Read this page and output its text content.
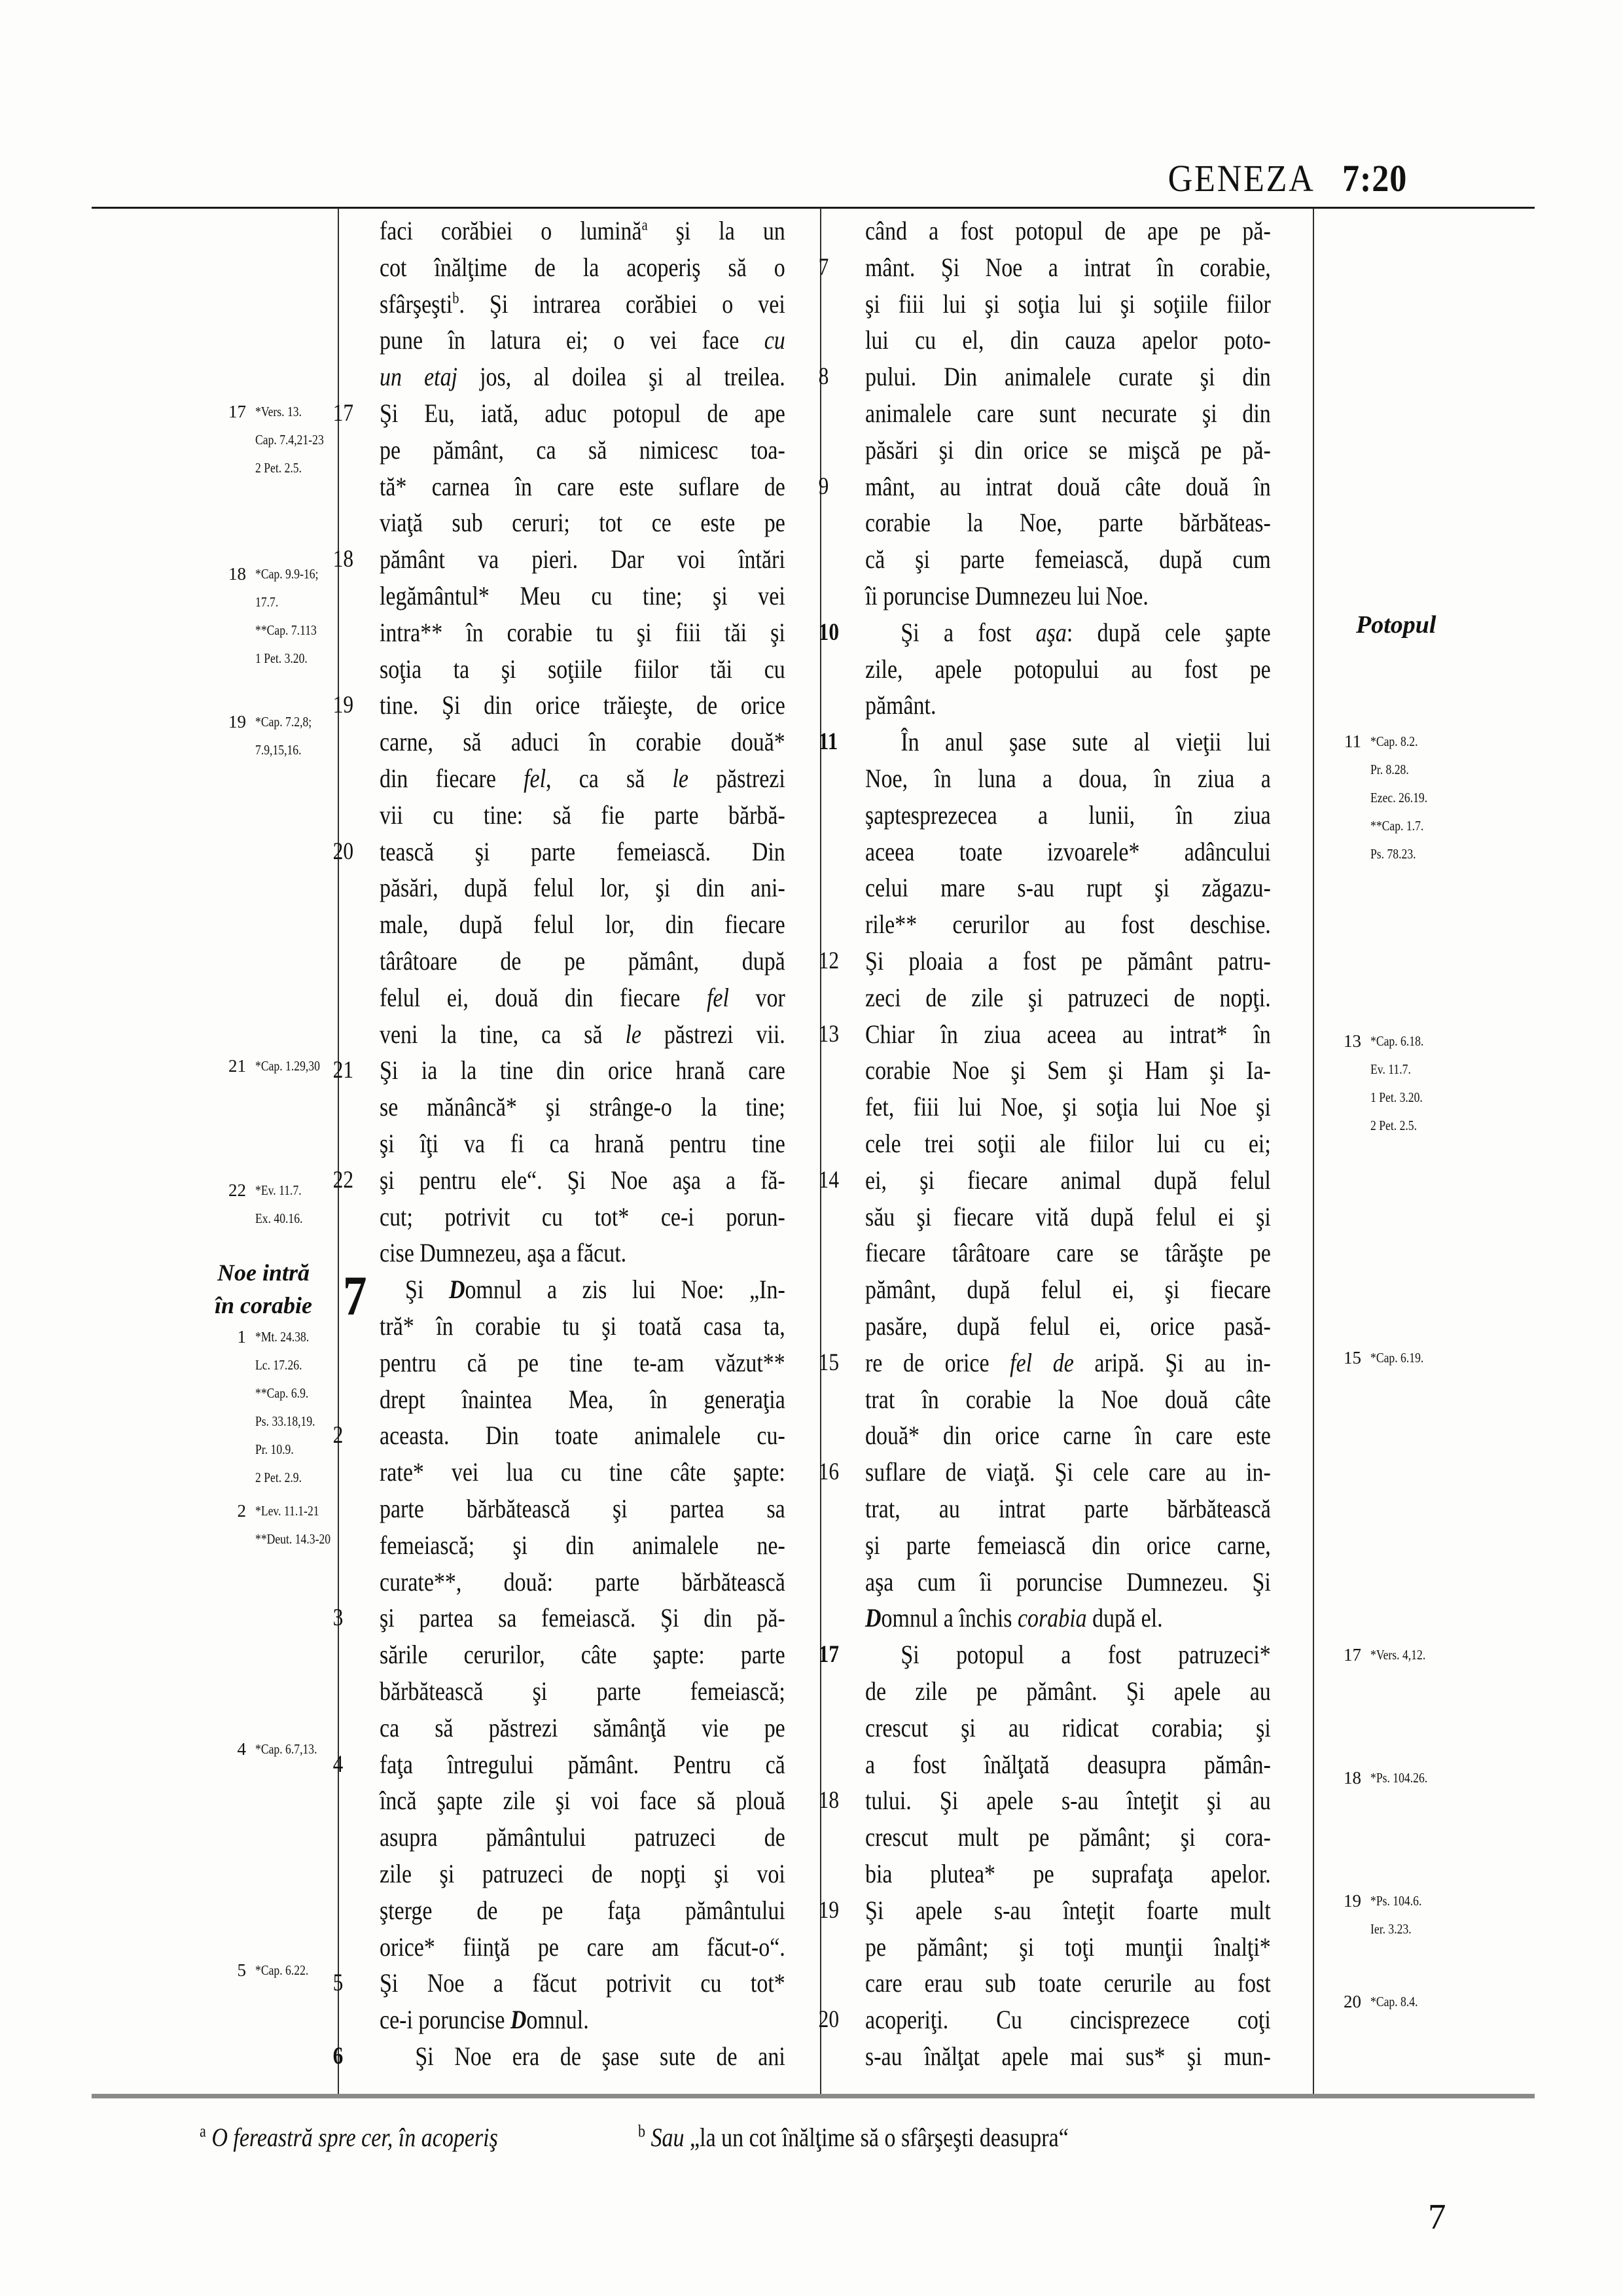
GENEZA 7:20
17 *Vers. 13.
Cap. 7.4,21-23
2 Pet. 2.5.
18 *Cap. 9.9-16;
17.7.
**Cap. 7.113
1 Pet. 3.20.
19 *Cap. 7.2,8;
7.9,15,16.
21 *Cap. 1.29,30
22 *Ev. 11.7.
Ex. 40.16.
Noe intră
în corabie
1 *Mt. 24.38.
Lc. 17.26.
**Cap. 6.9.
Ps. 33.18,19.
Pr. 10.9.
2 Pet. 2.9.
2 *Lev. 11.1-21
**Deut. 14.3-20
4 *Cap. 6.7,13.
5 *Cap. 6.22.
faci corăbiei o lumină$^a$ şi la un
cot înălţime de la acoperiş să o
sfârşeşti$^b$. Şi intrarea corăbiei o vei
pune în latura ei; o vei face cu
un etaj jos, al doilea şi al treilea.
17 Şi Eu, iată, aduc potopul de ape
pe pământ, ca să nimicesc toa-
tă* carnea în care este suflare de
viaţă sub ceruri; tot ce este pe
18 pământ va pieri. Dar voi întări
legământul* Meu cu tine; şi vei
intra** în corabie tu şi fiii tăi şi
soţia ta şi soţiile fiilor tăi cu
19 tine. Şi din orice trăieşte, de orice
carne, să aduci în corabie două*
din fiecare fel, ca să le păstrezi
vii cu tine: să fie parte bărbă-
20 tească şi parte femeiască. Din
păsări, după felul lor, şi din ani-
male, după felul lor, din fiecare
târâtoare de pe pământ, după
felul ei, două din fiecare fel vor
veni la tine, ca să le păstrezi vii.
21 Şi ia la tine din orice hrană care
se mănâncă* şi strânge-o la tine;
şi îţi va fi ca hrană pentru tine
22 şi pentru ele“. Şi Noe aşa a fă-
cut; potrivit cu tot* ce-i porun-
cise Dumnezeu, aşa a făcut.
7 Şi Domnul a zis lui Noe: „In-
tră* în corabie tu şi toată casa ta,
pentru că pe tine te-am văzut**
drept înaintea Mea, în generaţia
2	aceasta. Din toate animalele cu-
rate* vei lua cu tine câte şapte:
parte bărbătească şi partea sa
femeiască; şi din animalele ne-
curate**, două: parte bărbătească
3	şi partea sa femeiască. Şi din pă-
sările cerurilor, câte şapte: parte
bărbătească şi parte femeiască;
ca să păstrezi sămânţă vie pe
4	faţa întregului pământ. Pentru că
încă şapte zile şi voi face să plouă
asupra pământului patruzeci de
zile şi patruzeci de nopţi şi voi
şterge de pe faţa pământului
orice* fiinţă pe care am făcut-o“.
5	Şi Noe a făcut potrivit cu tot*
ce-i poruncise Domnul.
6	Şi Noe era de şase sute de ani
când a fost potopul de ape pe pă-
7	mânt. Şi Noe a intrat în corabie,
şi fiii lui şi soţia lui şi soţiile fiilor
lui cu el, din cauza apelor poto-
8	pului. Din animalele curate şi din
animalele care sunt necurate şi din
păsări şi din orice se mişcă pe pă-
9	mânt, au intrat două câte două în
corabie la Noe, parte bărbăteas-
că şi parte femeiască, după cum
îi poruncise Dumnezeu lui Noe.
10	Şi a fost aşa: după cele şapte
zile, apele potopului au fost pe
pământ.
11	În anul şase sute al vieţii lui
Noe, în luna a doua, în ziua a
şaptesprezecea a lunii, în ziua
aceea toate izvoarele* adâncului
celui mare s-au rupt şi zăgazu-
rile** cerurilor au fost deschise.
12 Şi ploaia a fost pe pământ patru-
zeci de zile şi patruzeci de nopţi.
13 Chiar în ziua aceea au intrat* în
corabie Noe şi Sem şi Ham şi Ia-
fet, fiii lui Noe, şi soţia lui Noe şi
cele trei soţii ale fiilor lui cu ei;
14 ei, şi fiecare animal după felul
său şi fiecare vită după felul ei şi
fiecare târâtoare care se târăşte pe
pământ, după felul ei, şi fiecare
pasăre, după felul ei, orice pasă-
15 re de orice fel de aripă. Şi au in-
trat în corabie la Noe două câte
două* din orice carne în care este
16 suflare de viaţă. Şi cele care au in-
trat, au intrat parte bărbătească
şi parte femeiască din orice carne,
aşa cum îi poruncise Dumnezeu. Şi
Domnul a închis corabia după el.
17	Şi potopul a fost patruzeci*
de zile pe pământ. Şi apele au
crescut şi au ridicat corabia; şi
a fost înălţată deasupra pămân-
18 tului. Şi apele s-au înteţit şi au
crescut mult pe pământ; şi cora-
bia plutea* pe suprafaţa apelor.
19 Şi apele s-au înteţit foarte mult
pe pământ; şi toţi munţii înalţi*
care erau sub toate cerurile au fost
20 acoperiţi. Cu cincisprezece coţi
s-au înălţat apele mai sus* şi mun-
Potopul
11 *Cap. 8.2.
Pr. 8.28.
Ezec. 26.19.
**Cap. 1.7.
Ps. 78.23.
13 *Cap. 6.18.
Ev. 11.7.
1 Pet. 3.20.
2 Pet. 2.5.
15 *Cap. 6.19.
17 *Vers. 4,12.
18 *Ps. 104.26.
19 *Ps. 104.6.
Ier. 3.23.
20 *Cap. 8.4.
$^a$ O fereastră spre cer, în acoperiş	$^b$ Sau „la un cot înălţime să o sfârşeşti deasupra“
7
